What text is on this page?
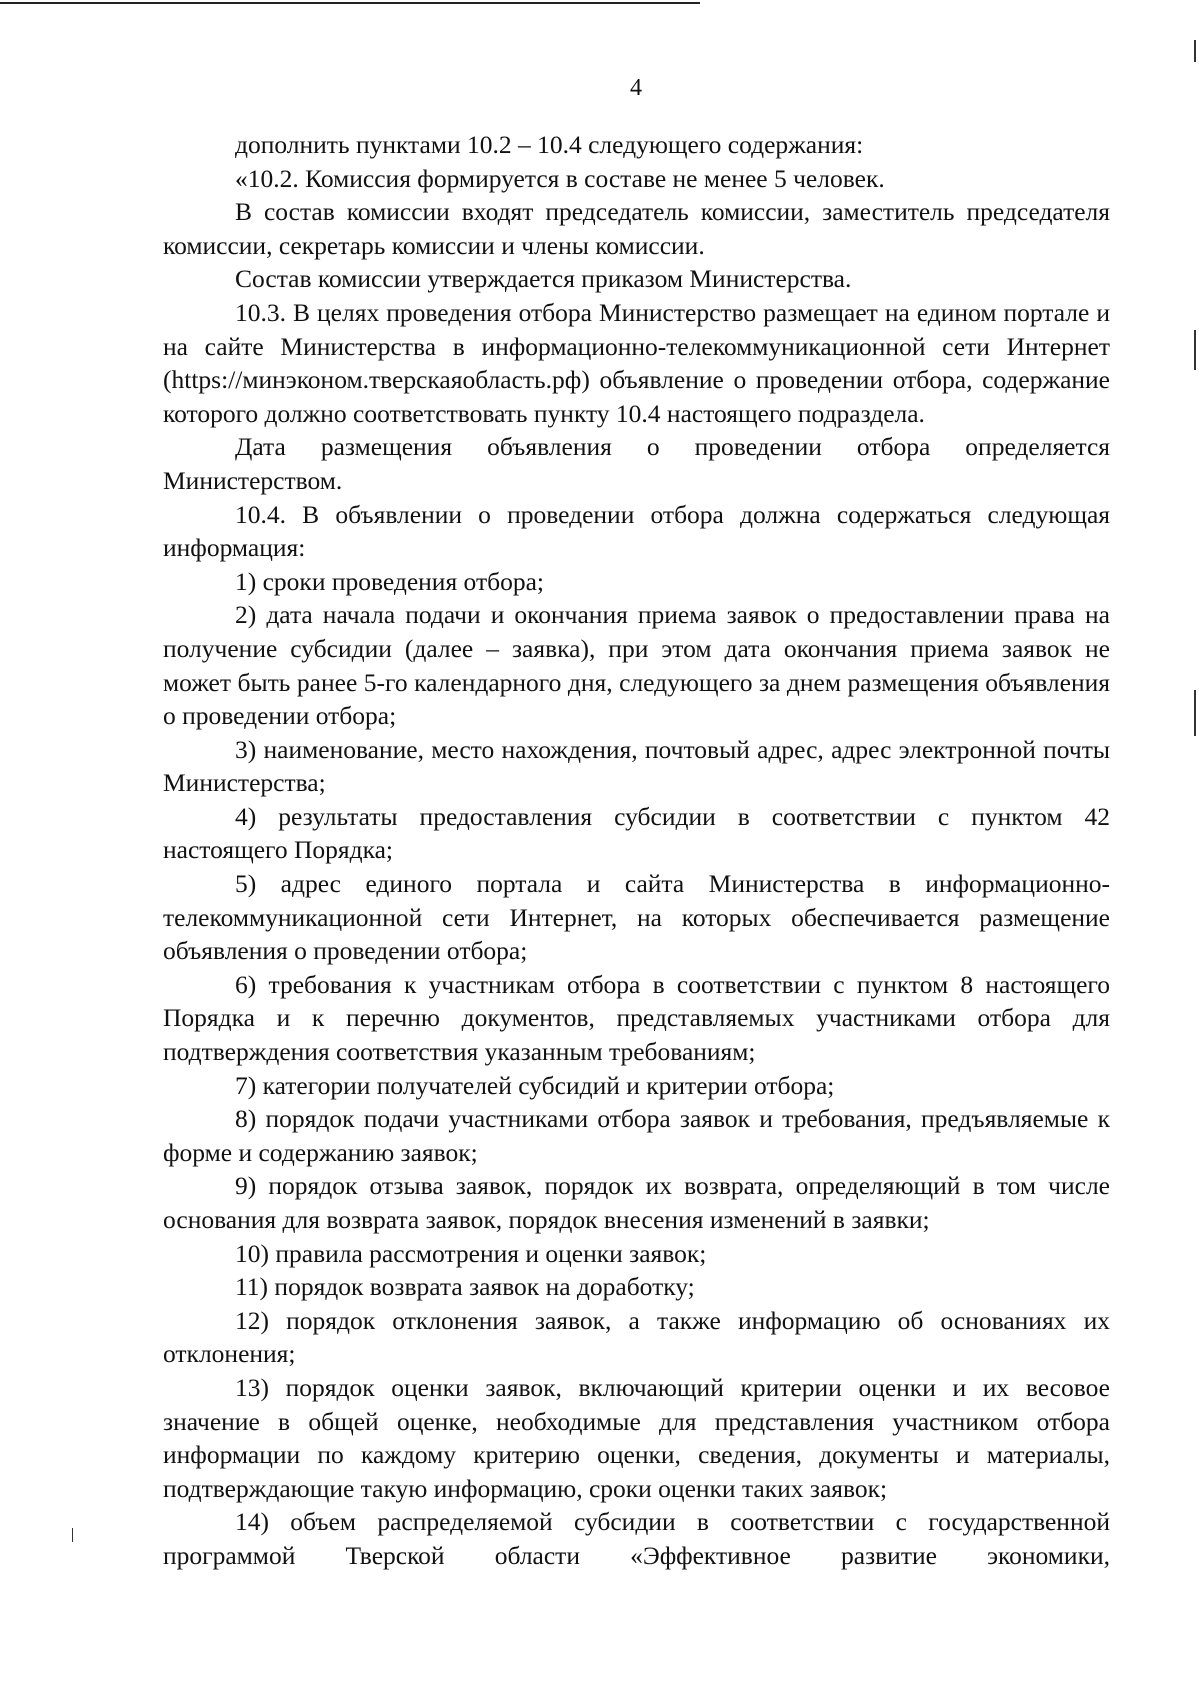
4

дополнить пунктами 10.2 – 10.4 следующего содержания:

«10.2. Комиссия формируется в составе не менее 5 человек.

В состав комиссии входят председатель комиссии, заместитель председателя комиссии, секретарь комиссии и члены комиссии.

Состав комиссии утверждается приказом Министерства.

10.3. В целях проведения отбора Министерство размещает на едином портале и на сайте Министерства в информационно-телекоммуникационной сети Интернет (https://минэконом.тверскаяобласть.рф) объявление о проведении отбора, содержание которого должно соответствовать пункту 10.4 настоящего подраздела.

Дата размещения объявления о проведении отбора определяется Министерством.

10.4. В объявлении о проведении отбора должна содержаться следующая информация:

1) сроки проведения отбора;

2) дата начала подачи и окончания приема заявок о предоставлении права на получение субсидии (далее – заявка), при этом дата окончания приема заявок не может быть ранее 5-го календарного дня, следующего за днем размещения объявления о проведении отбора;

3) наименование, место нахождения, почтовый адрес, адрес электронной почты Министерства;

4) результаты предоставления субсидии в соответствии с пунктом 42 настоящего Порядка;

5) адрес единого портала и сайта Министерства в информационно-телекоммуникационной сети Интернет, на которых обеспечивается размещение объявления о проведении отбора;

6) требования к участникам отбора в соответствии с пунктом 8 настоящего Порядка и к перечню документов, представляемых участниками отбора для подтверждения соответствия указанным требованиям;

7) категории получателей субсидий и критерии отбора;

8) порядок подачи участниками отбора заявок и требования, предъявляемые к форме и содержанию заявок;

9) порядок отзыва заявок, порядок их возврата, определяющий в том числе основания для возврата заявок, порядок внесения изменений в заявки;

10) правила рассмотрения и оценки заявок;

11) порядок возврата заявок на доработку;

12) порядок отклонения заявок, а также информацию об основаниях их отклонения;

13) порядок оценки заявок, включающий критерии оценки и их весовое значение в общей оценке, необходимые для представления участником отбора информации по каждому критерию оценки, сведения, документы и материалы, подтверждающие такую информацию, сроки оценки таких заявок;

14) объем распределяемой субсидии в соответствии с государственной программой Тверской области «Эффективное развитие экономики,
